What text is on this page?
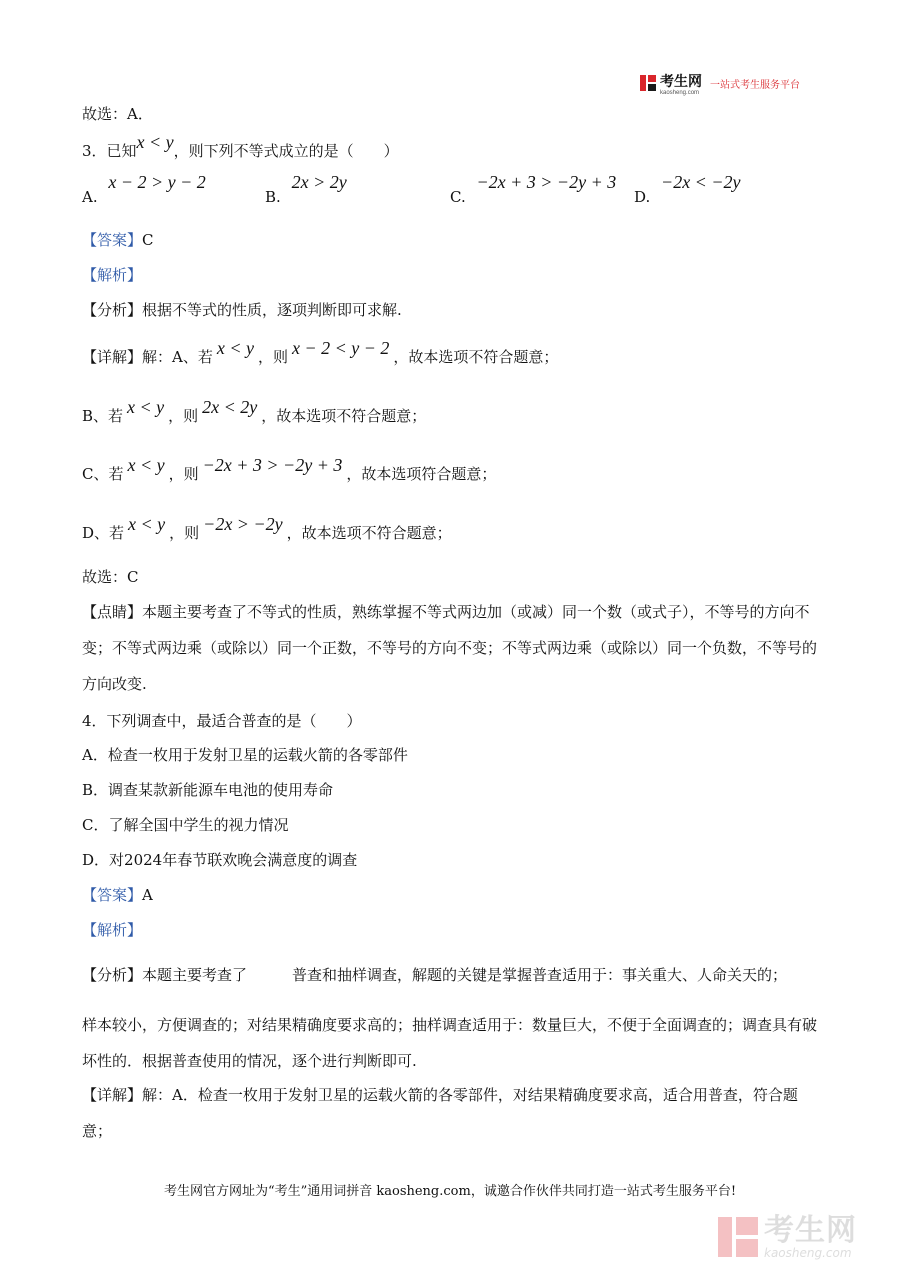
考生网
kaosheng.com
一站式考生服务平台
故选：A．
3．已知x < y，则下列不等式成立的是（　　）
A. x − 2 > y − 2
B. 2x > 2y
C. −2x + 3 > −2y + 3
D. −2x < −2y
【答案】C
【解析】
【分析】根据不等式的性质，逐项判断即可求解.
【详解】解：A、若 x < y ，则 x − 2 < y − 2 ，故本选项不符合题意；
B、若 x < y ，则 2x < 2y ，故本选项不符合题意；
C、若 x < y ，则 −2x + 3 > −2y + 3 ，故本选项符合题意；
D、若 x < y ，则 −2x > −2y ，故本选项不符合题意；
故选：C
【点睛】本题主要考查了不等式的性质，熟练掌握不等式两边加（或减）同一个数（或式子），不等号的方向不变；不等式两边乘（或除以）同一个正数，不等号的方向不变；不等式两边乘（或除以）同一个负数，不等号的方向改变.
4．下列调查中，最适合普查的是（　　）
A．检查一枚用于发射卫星的运载火箭的各零部件
B．调查某款新能源车电池的使用寿命
C．了解全国中学生的视力情况
D．对2024年春节联欢晚会满意度的调查
【答案】A
【解析】
【分析】本题主要考查了　　　普查和抽样调查，解题的关键是掌握普查适用于：事关重大、人命关天的；
样本较小，方便调查的；对结果精确度要求高的；抽样调查适用于：数量巨大，不便于全面调查的；调查具有破坏性的．根据普查使用的情况，逐个进行判断即可.
【详解】解：A．检查一枚用于发射卫星的运载火箭的各零部件，对结果精确度要求高，适合用普查，符合题意；
考生网官方网址为“考生”通用词拼音 kaosheng.com，诚邀合作伙伴共同打造一站式考生服务平台!
考生网
kaosheng.com
